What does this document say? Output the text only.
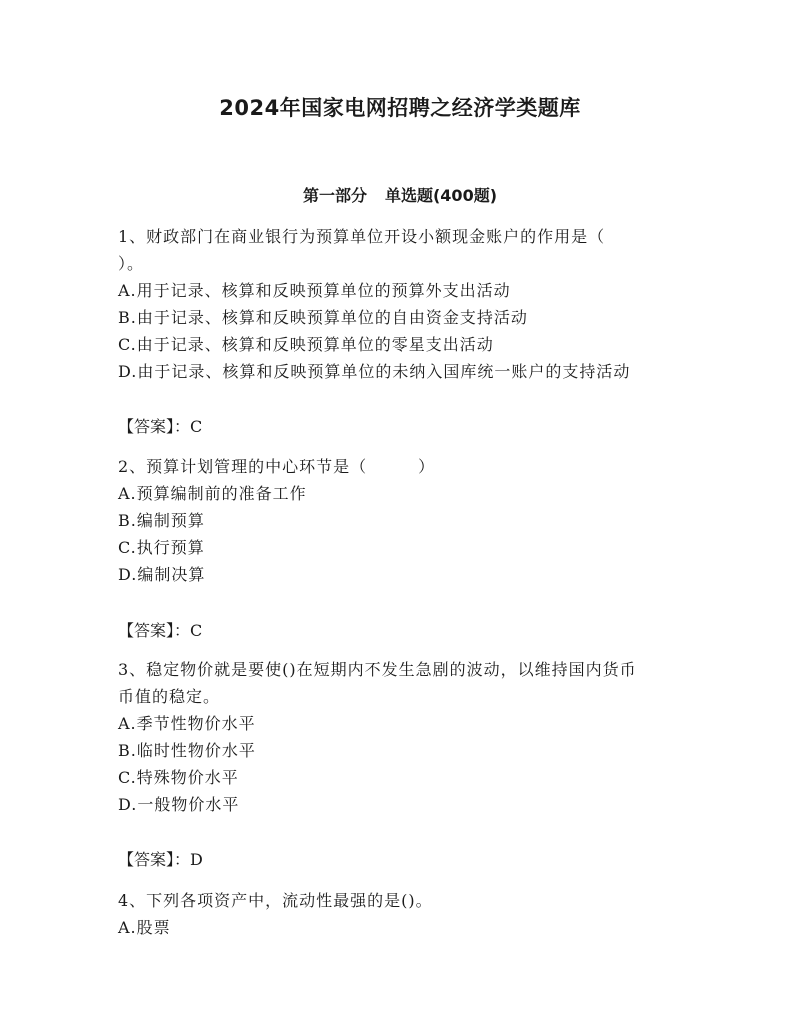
2024年国家电网招聘之经济学类题库
第一部分 单选题(400题)
1、财政部门在商业银行为预算单位开设小额现金账户的作用是（
）。
A.用于记录、核算和反映预算单位的预算外支出活动
B.由于记录、核算和反映预算单位的自由资金支持活动
C.由于记录、核算和反映预算单位的零星支出活动
D.由于记录、核算和反映预算单位的未纳入国库统一账户的支持活动
【答案】：C
2、预算计划管理的中心环节是（　　　）
A.预算编制前的准备工作
B.编制预算
C.执行预算
D.编制决算
【答案】：C
3、稳定物价就是要使()在短期内不发生急剧的波动，以维持国内货币
币值的稳定。
A.季节性物价水平
B.临时性物价水平
C.特殊物价水平
D.一般物价水平
【答案】：D
4、下列各项资产中，流动性最强的是()。
A.股票
